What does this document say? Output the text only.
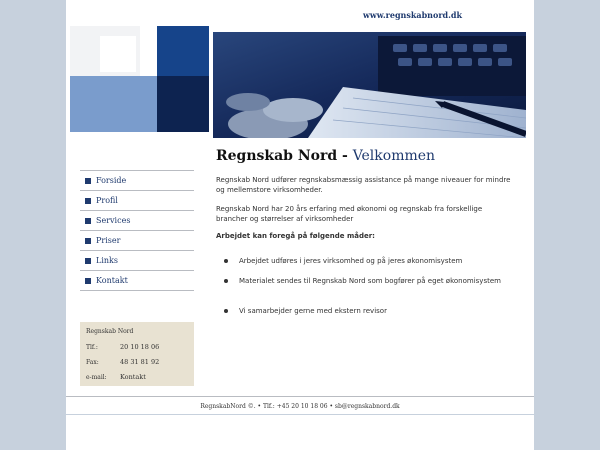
www.regnskabnord.dk
Forside
Profil
Services
Priser
Links
Kontakt
Regnskab Nord
Tlf.:	20 10 18 06
Fax:	48 31 81 92
e-mail: Kontakt
Regnskab Nord - Velkommen

Regnskab Nord udfører regnskabsmæssig assistance på mange niveauer for mindre og mellemstore virksomheder.

Regnskab Nord har 20 års erfaring med økonomi og regnskab fra forskellige brancher og størrelser af virksomheder

Arbejdet kan foregå på følgende måder:

Arbejdet udføres i jeres virksomhed og på jeres økonomisystem
Materialet sendes til Regnskab Nord som bogfører på eget økonomisystem
Vi samarbejder gerne med ekstern revisor
RegnskabNord ©. • Tlf.: +45 20 10 18 06 • sb@regnskabnord.dk
